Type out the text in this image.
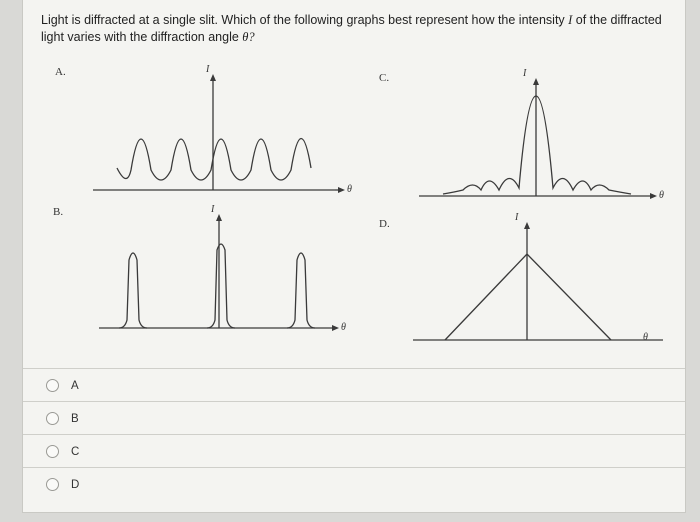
Light is diffracted at a single slit. Which of the following graphs best represent how the intensity I of the diffracted light varies with the diffraction angle θ?
A.
B.
C.
D.
I
θ
I
θ
I
θ
I
θ
A
B
C
D
